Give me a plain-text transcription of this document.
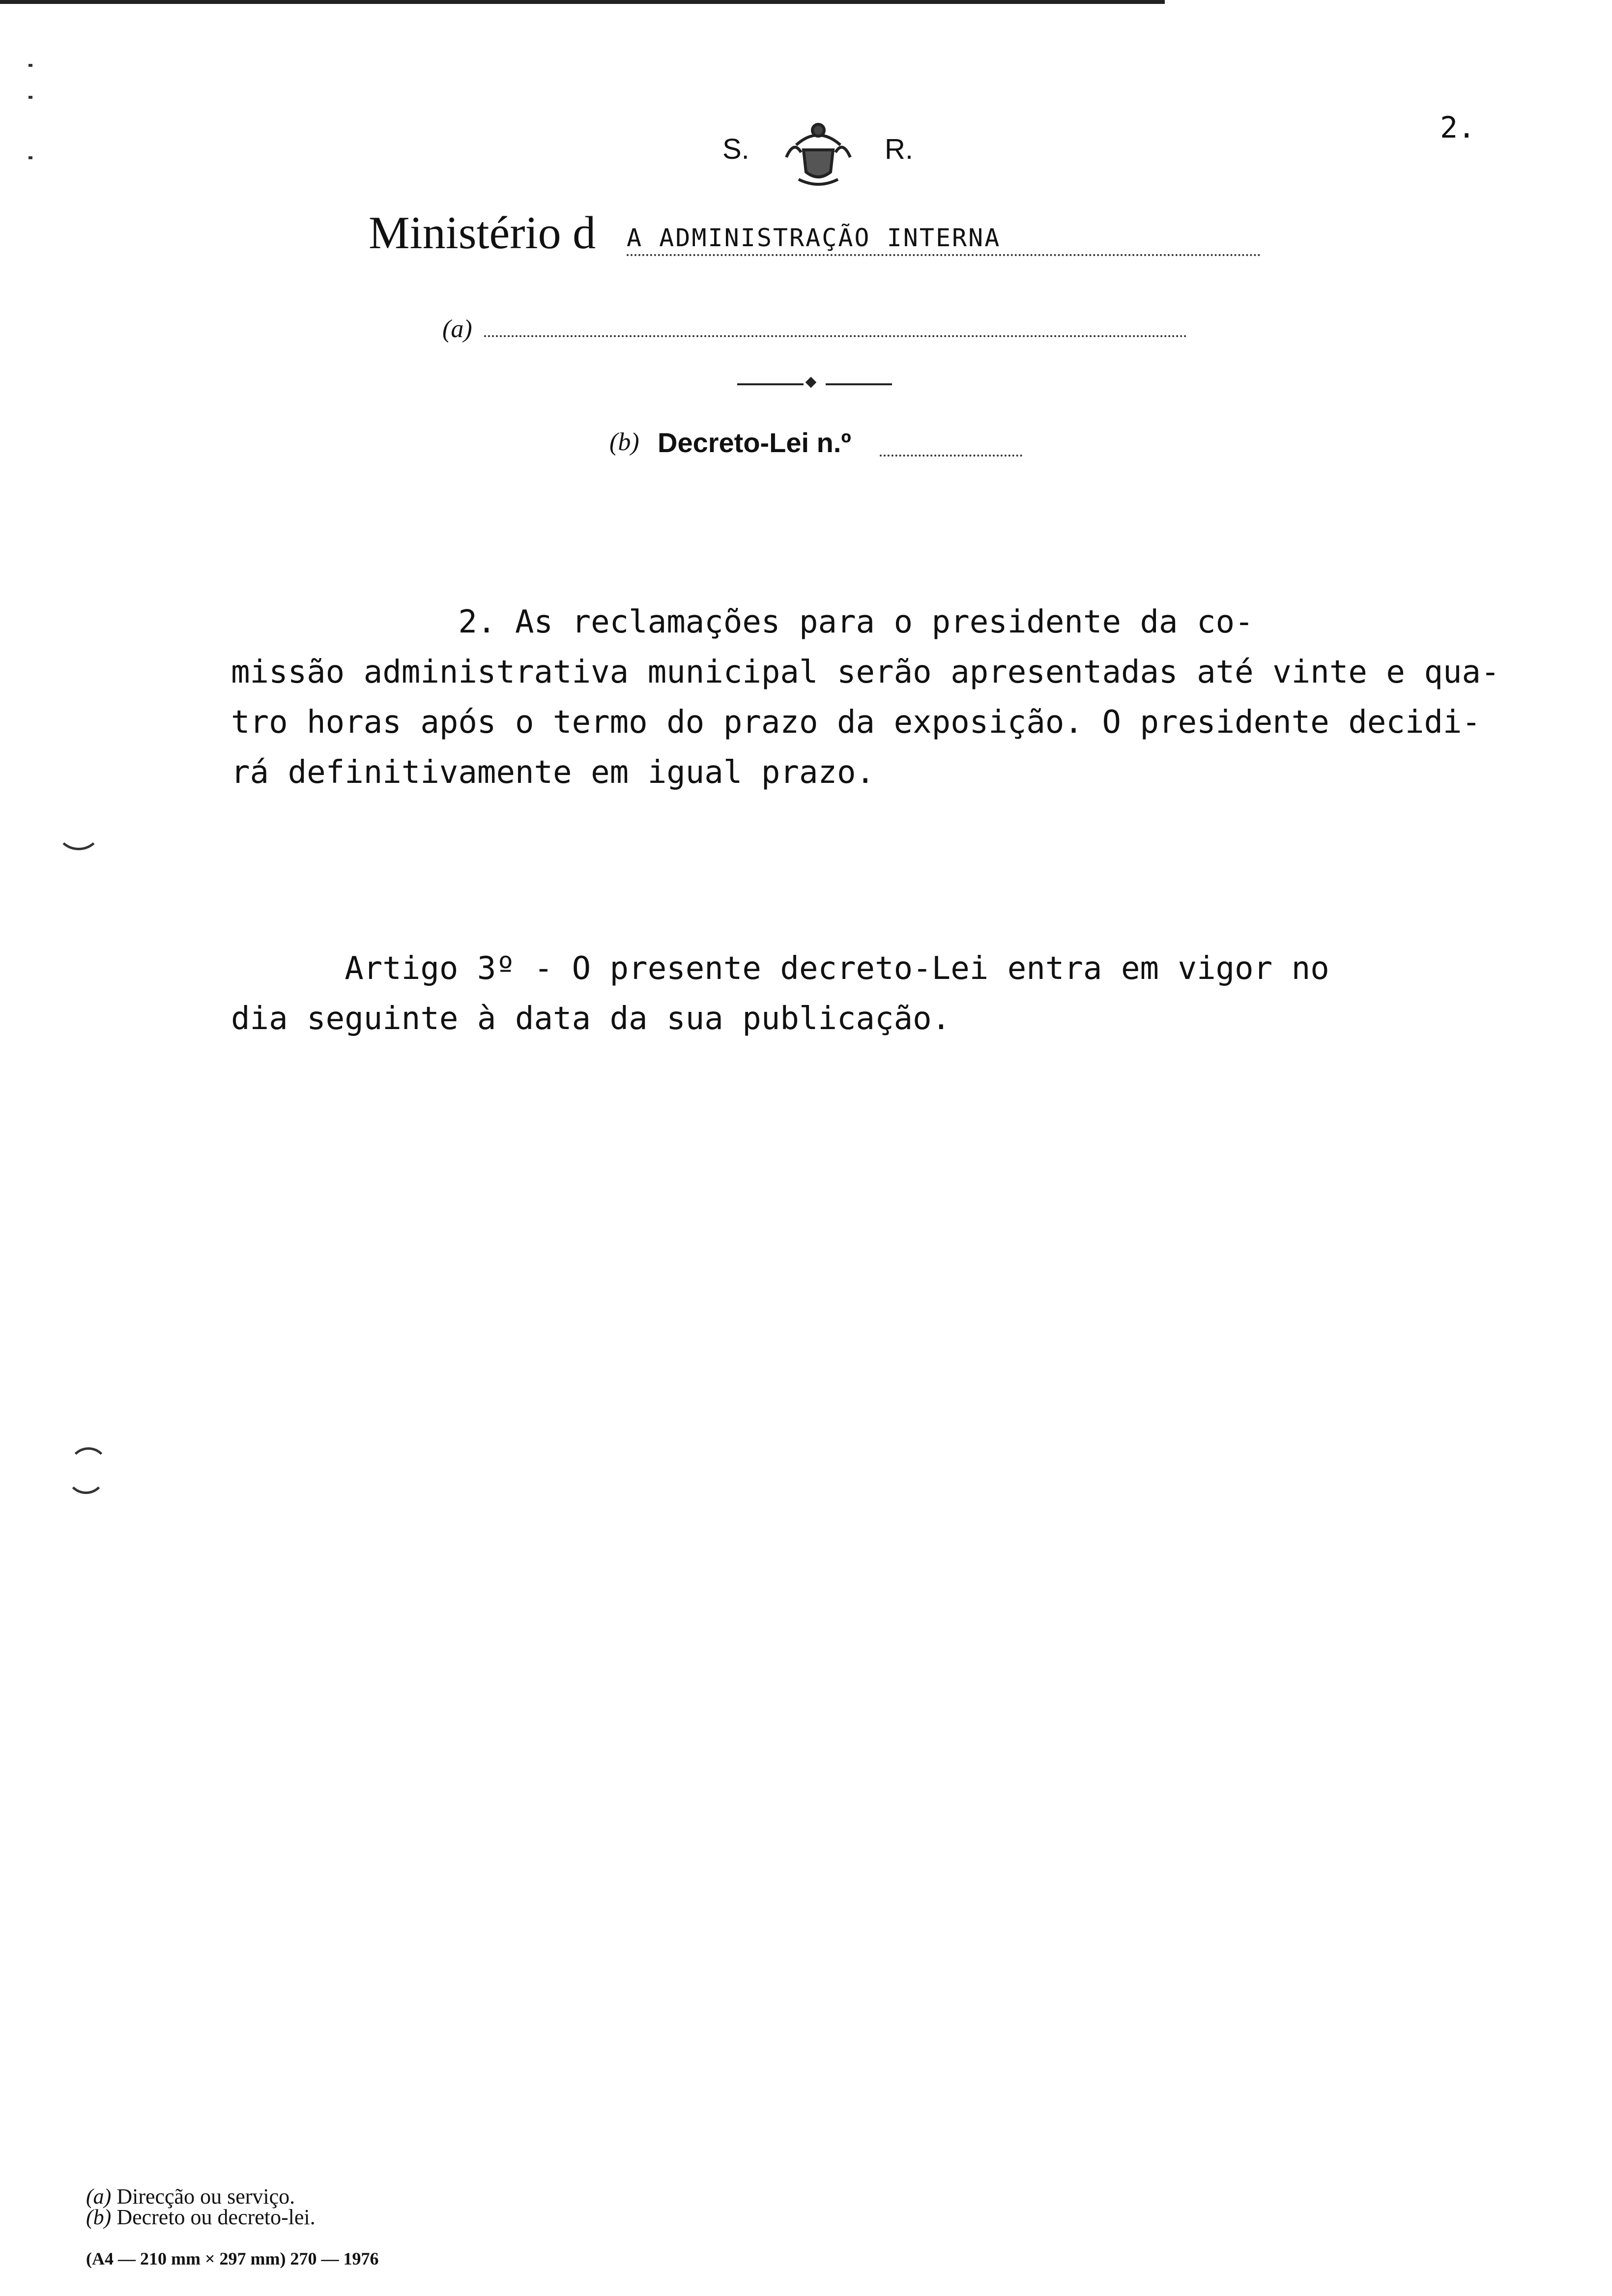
2.
S.	R.
Ministério d A ADMINISTRAÇÃO INTERNA
(a)
(b) Decreto-Lei n.º
2. As reclamações para o presidente da co-
missão administrativa municipal serão apresentadas até vinte e qua-
tro horas após o termo do prazo da exposição. O presidente decidi-
rá definitivamente em igual prazo.
Artigo 3º - O presente decreto-Lei entra em vigor no
dia seguinte à data da sua publicação.
(a) Direcção ou serviço.
(b) Decreto ou decreto-lei.
(A4 — 210 mm × 297 mm) 270 — 1976
